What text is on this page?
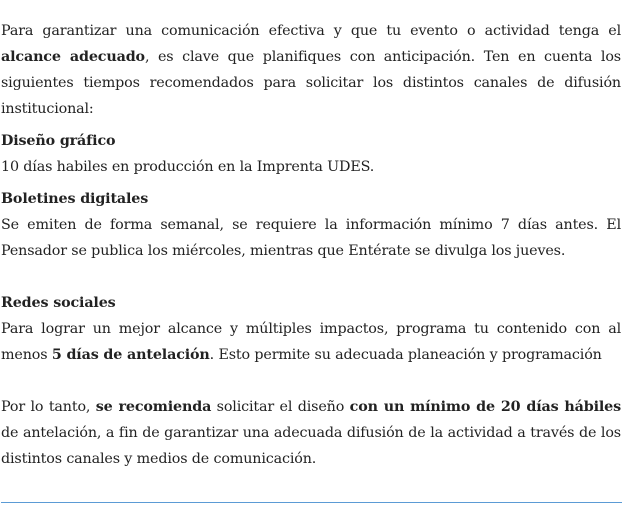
Para garantizar una comunicación efectiva y que tu evento o actividad tenga el alcance adecuado, es clave que planifiques con anticipación. Ten en cuenta los siguientes tiempos recomendados para solicitar los distintos canales de difusión institucional:

Diseño gráfico

10 días habiles en producción en la Imprenta UDES.

Boletines digitales

Se emiten de forma semanal, se requiere la información mínimo 7 días antes. El Pensador se publica los miércoles, mientras que Entérate se divulga los jueves.

Redes sociales

Para lograr un mejor alcance y múltiples impactos, programa tu contenido con al menos 5 días de antelación. Esto permite su adecuada planeación y programación

Por lo tanto, se recomienda solicitar el diseño con un mínimo de 20 días hábiles de antelación, a fin de garantizar una adecuada difusión de la actividad a través de los distintos canales y medios de comunicación.
